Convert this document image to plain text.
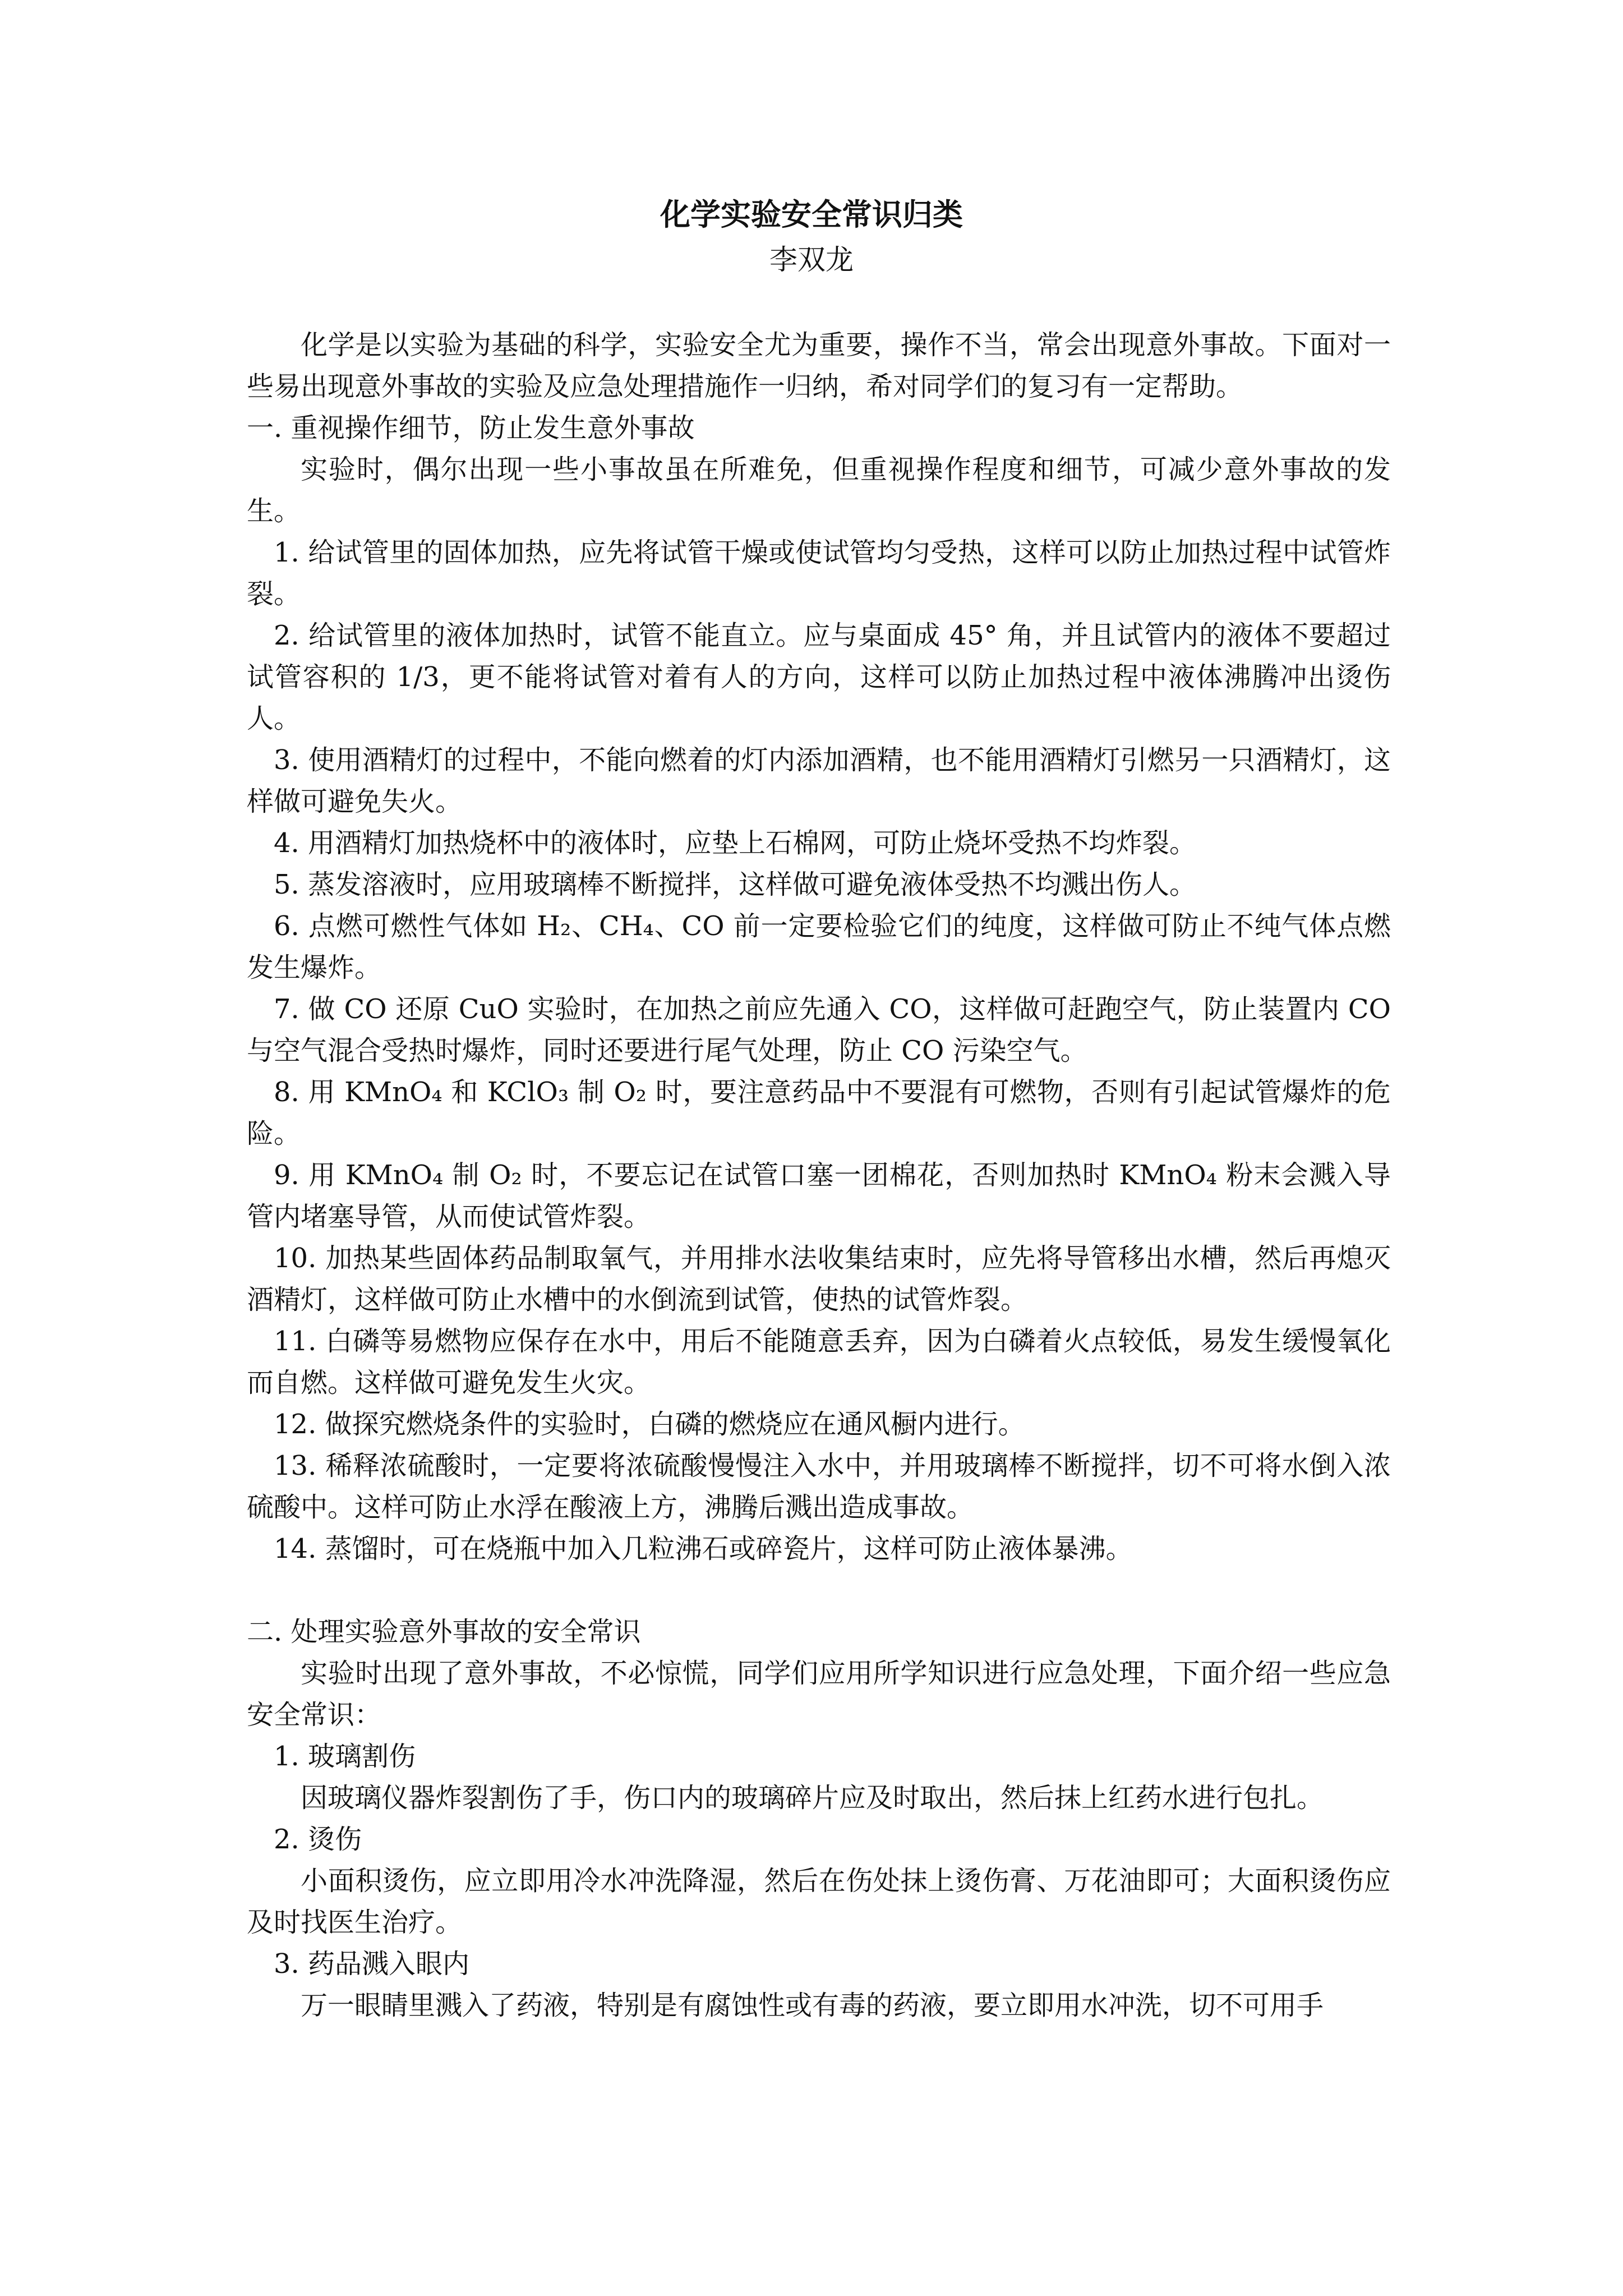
化学实验安全常识归类
李双龙

化学是以实验为基础的科学，实验安全尤为重要，操作不当，常会出现意外事故。下面对一些易出现意外事故的实验及应急处理措施作一归纳，希对同学们的复习有一定帮助。

一. 重视操作细节，防止发生意外事故

实验时，偶尔出现一些小事故虽在所难免，但重视操作程度和细节，可减少意外事故的发生。

1. 给试管里的固体加热，应先将试管干燥或使试管均匀受热，这样可以防止加热过程中试管炸裂。

2. 给试管里的液体加热时，试管不能直立。应与桌面成 45° 角，并且试管内的液体不要超过试管容积的 1/3，更不能将试管对着有人的方向，这样可以防止加热过程中液体沸腾冲出烫伤人。

3. 使用酒精灯的过程中，不能向燃着的灯内添加酒精，也不能用酒精灯引燃另一只酒精灯，这样做可避免失火。

4. 用酒精灯加热烧杯中的液体时，应垫上石棉网，可防止烧坏受热不均炸裂。

5. 蒸发溶液时，应用玻璃棒不断搅拌，这样做可避免液体受热不均溅出伤人。

6. 点燃可燃性气体如 H₂、CH₄、CO 前一定要检验它们的纯度，这样做可防止不纯气体点燃发生爆炸。

7. 做 CO 还原 CuO 实验时，在加热之前应先通入 CO，这样做可赶跑空气，防止装置内 CO 与空气混合受热时爆炸，同时还要进行尾气处理，防止 CO 污染空气。

8. 用 KMnO₄ 和 KClO₃ 制 O₂ 时，要注意药品中不要混有可燃物，否则有引起试管爆炸的危险。

9. 用 KMnO₄ 制 O₂ 时，不要忘记在试管口塞一团棉花，否则加热时 KMnO₄ 粉末会溅入导管内堵塞导管，从而使试管炸裂。

10. 加热某些固体药品制取氧气，并用排水法收集结束时，应先将导管移出水槽，然后再熄灭酒精灯，这样做可防止水槽中的水倒流到试管，使热的试管炸裂。

11. 白磷等易燃物应保存在水中，用后不能随意丢弃，因为白磷着火点较低，易发生缓慢氧化而自燃。这样做可避免发生火灾。

12. 做探究燃烧条件的实验时，白磷的燃烧应在通风橱内进行。

13. 稀释浓硫酸时，一定要将浓硫酸慢慢注入水中，并用玻璃棒不断搅拌，切不可将水倒入浓硫酸中。这样可防止水浮在酸液上方，沸腾后溅出造成事故。

14. 蒸馏时，可在烧瓶中加入几粒沸石或碎瓷片，这样可防止液体暴沸。

二. 处理实验意外事故的安全常识

实验时出现了意外事故，不必惊慌，同学们应用所学知识进行应急处理，下面介绍一些应急安全常识：

1. 玻璃割伤

因玻璃仪器炸裂割伤了手，伤口内的玻璃碎片应及时取出，然后抹上红药水进行包扎。

2. 烫伤

小面积烫伤，应立即用冷水冲洗降湿，然后在伤处抹上烫伤膏、万花油即可；大面积烫伤应及时找医生治疗。

3. 药品溅入眼内

万一眼睛里溅入了药液，特别是有腐蚀性或有毒的药液，要立即用水冲洗，切不可用手
